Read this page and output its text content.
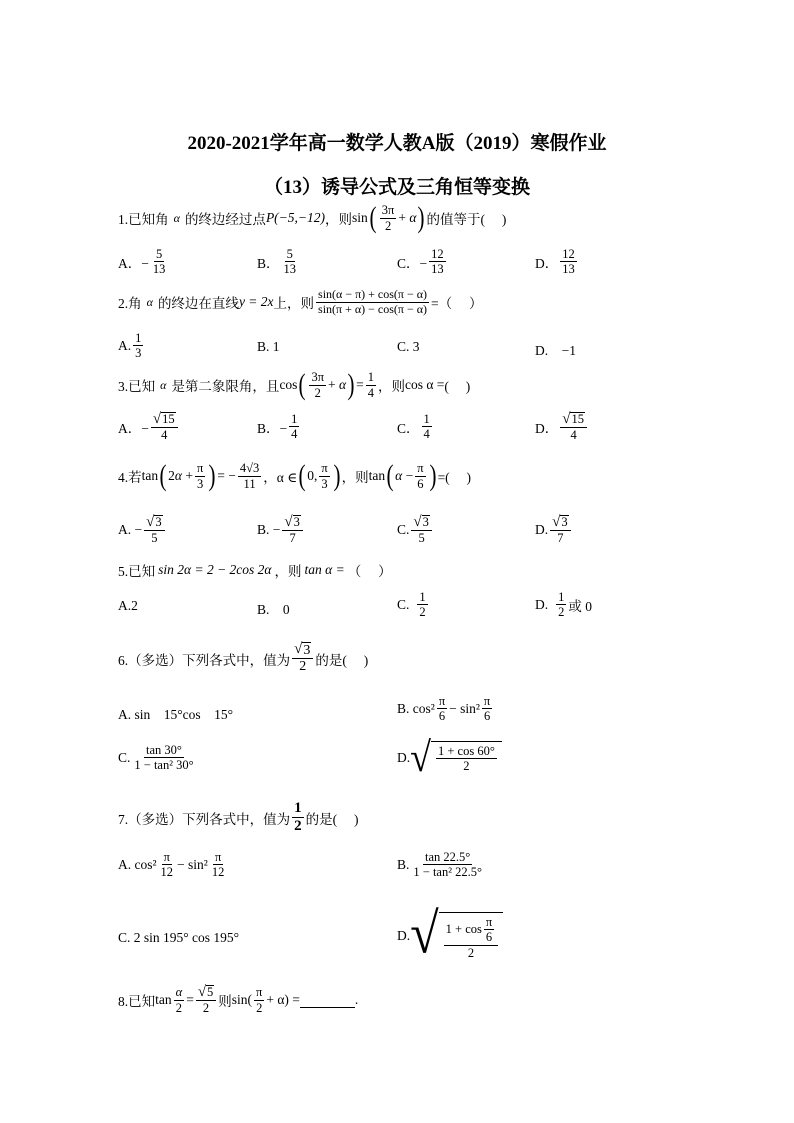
2020-2021学年高一数学人教A版（2019）寒假作业
（13）诱导公式及三角恒等变换
1.已知角 α 的终边经过点 P(−5,−12) ，则 sin ( $\frac{3\pi}{2} + \alpha$ ) 的值等于(　 )
A．− $\frac{5}{13}$	B． $\frac{5}{13}$	C．− $\frac{12}{13}$	D． $\frac{12}{13}$
2.角 α 的终边在直线 y = 2x 上，则 $\frac{\sin(\alpha - \pi) + \cos(\pi - \alpha)}{\sin(\pi + \alpha) - \cos(\pi - \alpha)}$ =（　 ）
A. $\frac{1}{3}$	B. 1	C. 3	D.　−1
3.已知 α 是第二象限角，且 cos ( $\frac{3\pi}{2} + \alpha$ ) = $\frac{1}{4}$ ，则 cos α = (　 )
A．− $\frac{√ 15}{4}$	B．− $\frac{1}{4}$	C． $\frac{1}{4}$	D． $\frac{√ 15}{4}$
4.若 tan ( $2\alpha + \frac{\pi}{3}$ ) = − $\frac{4√3}{11}$ ，α ∈ ( 0, $\frac{\pi}{3}$ ) ，则 tan ( $\alpha - \frac{\pi}{6}$ ) =(　 )
A. − $\frac{√ 3}{5}$	B. − $\frac{√ 3}{7}$	C. $\frac{√ 3}{5}$	D. $\frac{√ 3}{7}$
5.已知 sin 2α = 2 − 2cos 2α ，则 tan α = （　 ）
A.2	B.　0	C. $\frac{1}{2}$	D. $\frac{1}{2}$ 或 0
6.（多选）下列各式中，值为 $\frac{√ 3}{2}$ 的是(　 )
A. sin　15°cos　15°	B. $\cos^2 \frac{\pi}{6} - \sin^2 \frac{\pi}{6}$
C. $\frac{\tan 30^\circ}{\text{1 − tan² 30°}}$	D. √ $\frac{1 + \cos 60^\circ}{2}$
7.（多选）下列各式中，值为 $\frac{1}{2}$ 的是(　 )
A. $\cos^2 \frac{\pi}{12} - \sin^2 \frac{\pi}{12}$	B. $\frac{\tan 22.5^\circ}{\text{1 − tan² 22.5°}}$
C. 2 sin 195° cos 195°	D. √ $\frac{1 + \cos \frac{\pi}{6}}{2}$
8.已知 $\tan \frac{\alpha}{2} = \frac{√ 5}{2}$ 则 $\sin( \frac{\pi}{2} + \alpha)$ =	.
